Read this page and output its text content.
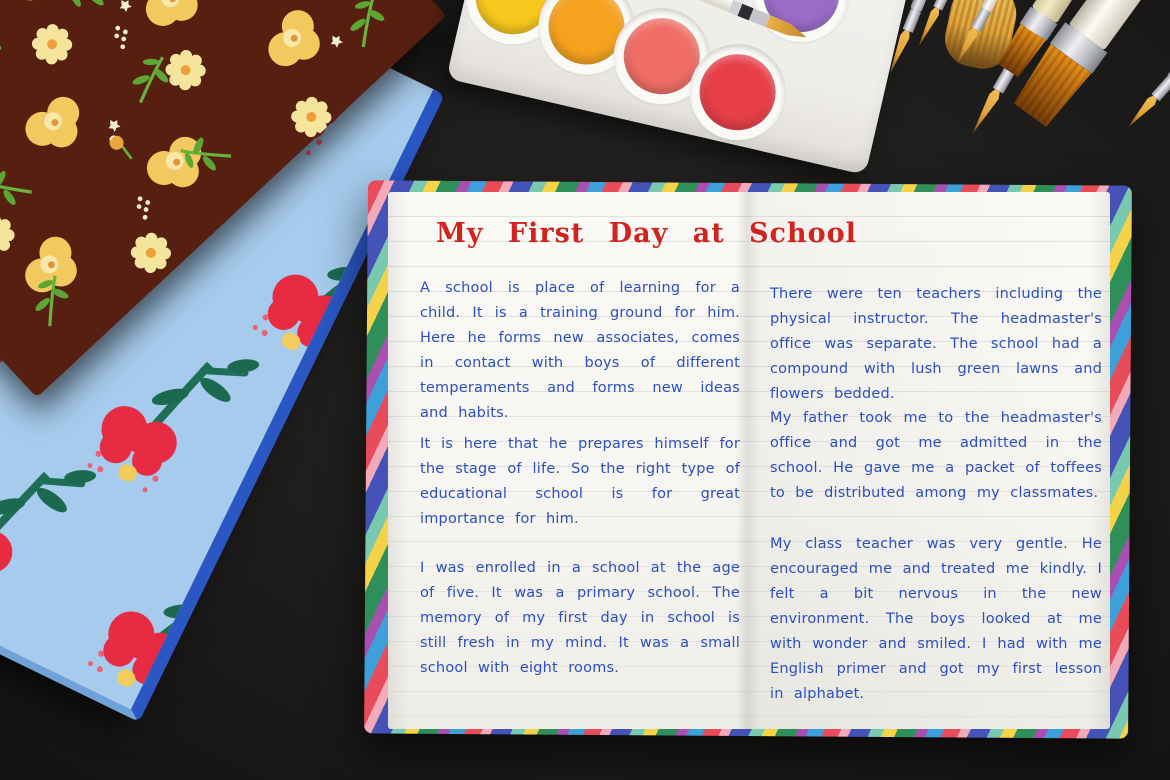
My First Day at School
A school is place of learning for a child. It is a training ground for him. Here he forms new associates, comes in contact with boys of different temperaments and forms new ideas and habits.
It is here that he prepares himself for the stage of life. So the right type of educational school is for great importance for him.
I was enrolled in a school at the age of five. It was a primary school. The memory of my first day in school is still fresh in my mind. It was a small school with eight rooms.
There were ten teachers including the physical instructor. The headmaster's office was separate. The school had a compound with lush green lawns and flowers bedded.
My father took me to the headmaster's office and got me admitted in the school. He gave me a packet of toffees to be distributed among my classmates.
My class teacher was very gentle. He encouraged me and treated me kindly. I felt a bit nervous in the new environment. The boys looked at me with wonder and smiled. I had with me English primer and got my first lesson in alphabet.
